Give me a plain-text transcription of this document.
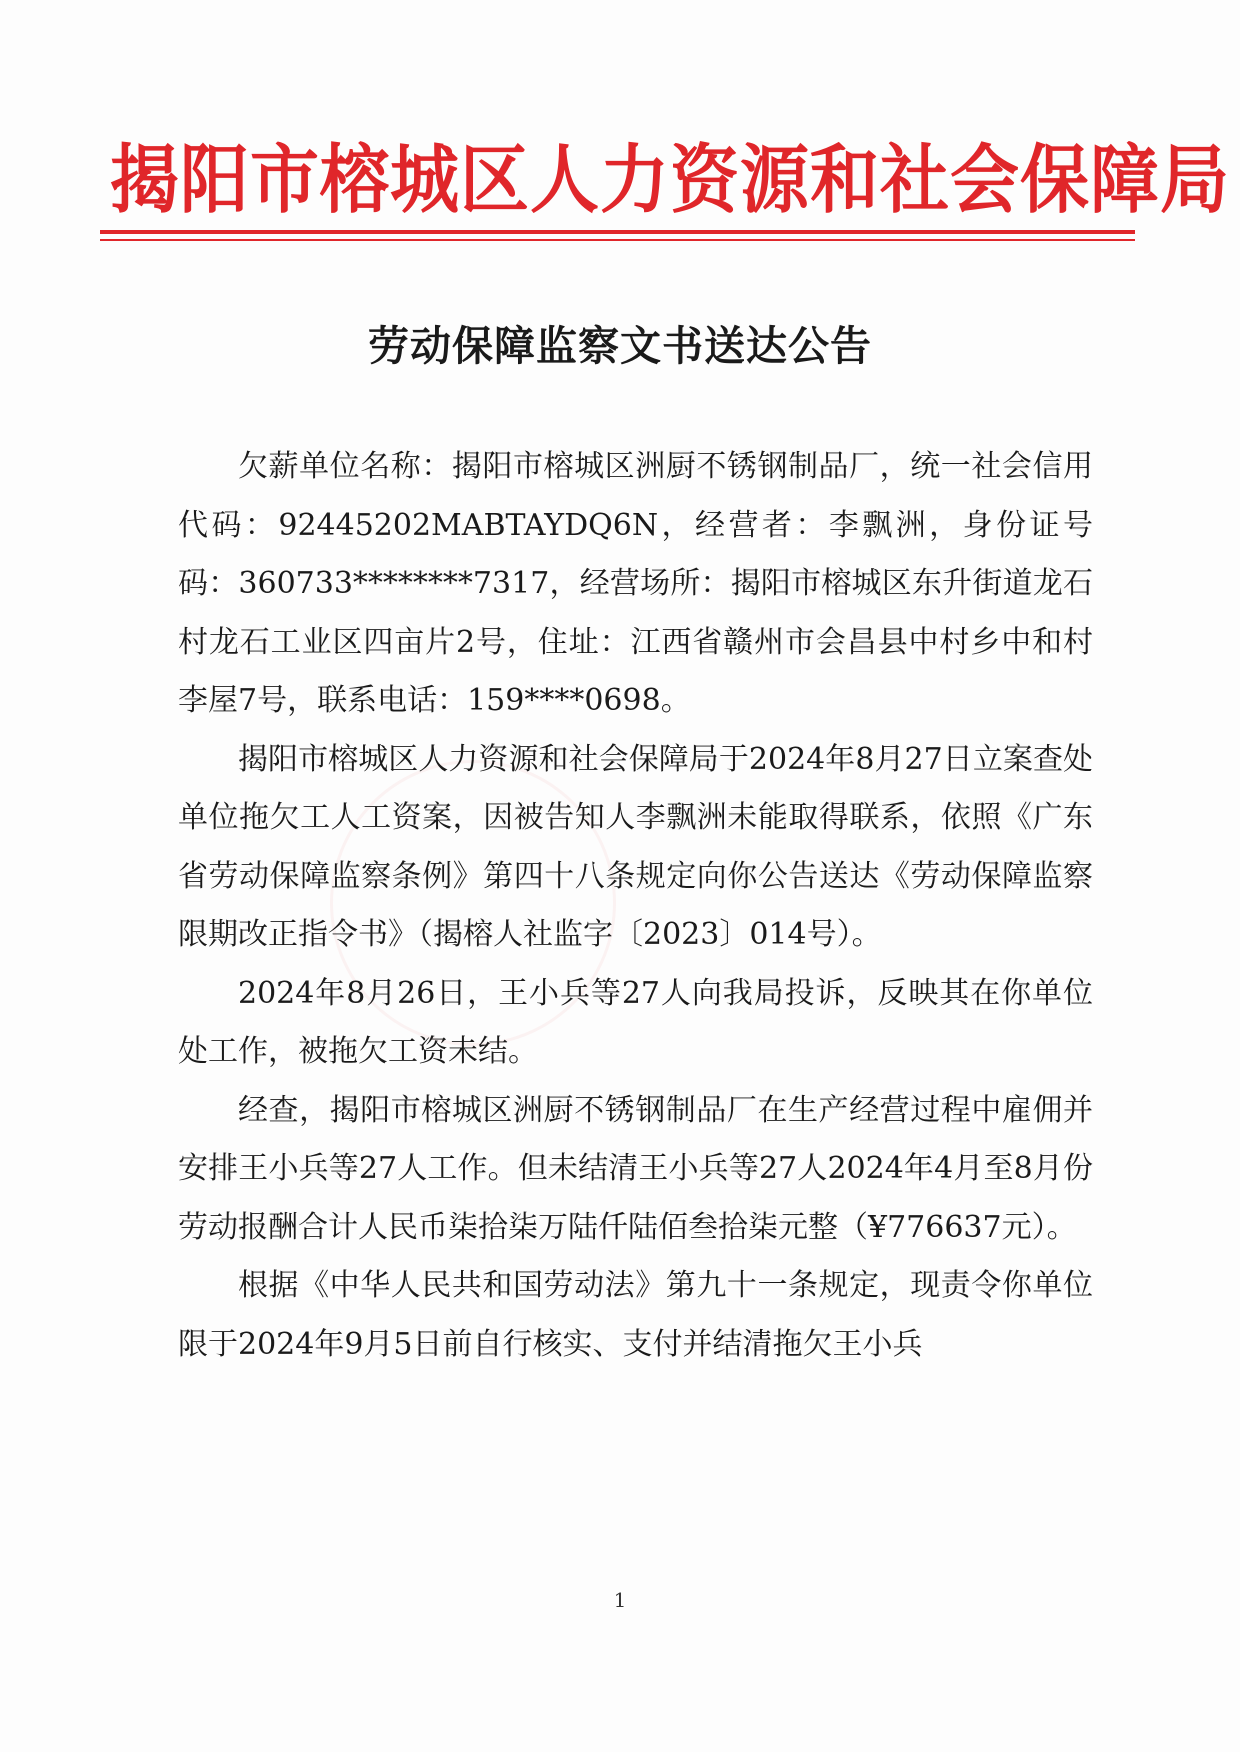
揭阳市榕城区人力资源和社会保障局
劳动保障监察文书送达公告

欠薪单位名称：揭阳市榕城区洲厨不锈钢制品厂，统一社会信用代码：92445202MABTAYDQ6N，经营者：李飘洲，身份证号码：360733********7317，经营场所：揭阳市榕城区东升街道龙石村龙石工业区四亩片2号，住址：江西省赣州市会昌县中村乡中和村李屋7号，联系电话：159****0698。

揭阳市榕城区人力资源和社会保障局于2024年8月27日立案查处单位拖欠工人工资案，因被告知人李飘洲未能取得联系，依照《广东省劳动保障监察条例》第四十八条规定向你公告送达《劳动保障监察限期改正指令书》（揭榕人社监字〔2023〕014号）。

2024年8月26日，王小兵等27人向我局投诉，反映其在你单位处工作，被拖欠工资未结。

经查，揭阳市榕城区洲厨不锈钢制品厂在生产经营过程中雇佣并安排王小兵等27人工作。但未结清王小兵等27人2024年4月至8月份劳动报酬合计人民币柒拾柒万陆仟陆佰叁拾柒元整（¥776637元）。

根据《中华人民共和国劳动法》第九十一条规定，现责令你单位限于2024年9月5日前自行核实、支付并结清拖欠王小兵

1
